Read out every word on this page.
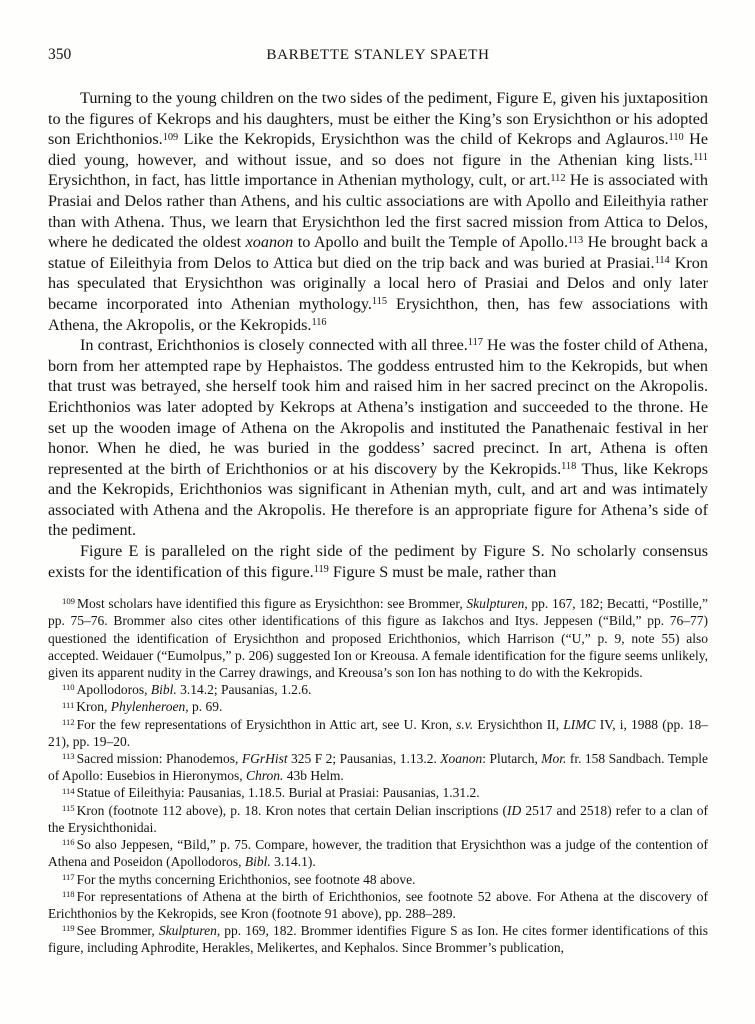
350	BARBETTE STANLEY SPAETH

Turning to the young children on the two sides of the pediment, Figure E, given his juxtaposition to the figures of Kekrops and his daughters, must be either the King’s son Erysichthon or his adopted son Erichthonios.$^{109}$ Like the Kekropids, Erysichthon was the child of Kekrops and Aglauros.$^{110}$ He died young, however, and without issue, and so does not figure in the Athenian king lists.$^{111}$ Erysichthon, in fact, has little importance in Athenian mythology, cult, or art.$^{112}$ He is associated with Prasiai and Delos rather than Athens, and his cultic associations are with Apollo and Eileithyia rather than with Athena. Thus, we learn that Erysichthon led the first sacred mission from Attica to Delos, where he dedicated the oldest xoanon to Apollo and built the Temple of Apollo.$^{113}$ He brought back a statue of Eileithyia from Delos to Attica but died on the trip back and was buried at Prasiai.$^{114}$ Kron has speculated that Erysichthon was originally a local hero of Prasiai and Delos and only later became incorporated into Athenian mythology.$^{115}$ Erysichthon, then, has few associations with Athena, the Akropolis, or the Kekropids.$^{116}$

In contrast, Erichthonios is closely connected with all three.$^{117}$ He was the foster child of Athena, born from her attempted rape by Hephaistos. The goddess entrusted him to the Kekropids, but when that trust was betrayed, she herself took him and raised him in her sacred precinct on the Akropolis. Erichthonios was later adopted by Kekrops at Athena’s instigation and succeeded to the throne. He set up the wooden image of Athena on the Akropolis and instituted the Panathenaic festival in her honor. When he died, he was buried in the goddess’ sacred precinct. In art, Athena is often represented at the birth of Erichthonios or at his discovery by the Kekropids.$^{118}$ Thus, like Kekrops and the Kekropids, Erichthonios was significant in Athenian myth, cult, and art and was intimately associated with Athena and the Akropolis. He therefore is an appropriate figure for Athena’s side of the pediment.

Figure E is paralleled on the right side of the pediment by Figure S. No scholarly consensus exists for the identification of this figure.$^{119}$ Figure S must be male, rather than

$^{109}$ Most scholars have identified this figure as Erysichthon: see Brommer, Skulpturen, pp. 167, 182; Becatti, “Postille,” pp. 75–76. Brommer also cites other identifications of this figure as Iakchos and Itys. Jeppesen (“Bild,” pp. 76–77) questioned the identification of Erysichthon and proposed Erichthonios, which Harrison (“U,” p. 9, note 55) also accepted. Weidauer (“Eumolpus,” p. 206) suggested Ion or Kreousa. A female identification for the figure seems unlikely, given its apparent nudity in the Carrey drawings, and Kreousa’s son Ion has nothing to do with the Kekropids.

$^{110}$ Apollodoros, Bibl. 3.14.2; Pausanias, 1.2.6.

$^{111}$ Kron, Phylenheroen, p. 69.

$^{112}$ For the few representations of Erysichthon in Attic art, see U. Kron, s.v. Erysichthon II, LIMC IV, i, 1988 (pp. 18–21), pp. 19–20.

$^{113}$ Sacred mission: Phanodemos, FGrHist 325 F 2; Pausanias, 1.13.2. Xoanon: Plutarch, Mor. fr. 158 Sandbach. Temple of Apollo: Eusebios in Hieronymos, Chron. 43b Helm.

$^{114}$ Statue of Eileithyia: Pausanias, 1.18.5. Burial at Prasiai: Pausanias, 1.31.2.

$^{115}$ Kron (footnote 112 above), p. 18. Kron notes that certain Delian inscriptions (ID 2517 and 2518) refer to a clan of the Erysichthonidai.

$^{116}$ So also Jeppesen, “Bild,” p. 75. Compare, however, the tradition that Erysichthon was a judge of the contention of Athena and Poseidon (Apollodoros, Bibl. 3.14.1).

$^{117}$ For the myths concerning Erichthonios, see footnote 48 above.

$^{118}$ For representations of Athena at the birth of Erichthonios, see footnote 52 above. For Athena at the discovery of Erichthonios by the Kekropids, see Kron (footnote 91 above), pp. 288–289.

$^{119}$ See Brommer, Skulpturen, pp. 169, 182. Brommer identifies Figure S as Ion. He cites former identifications of this figure, including Aphrodite, Herakles, Melikertes, and Kephalos. Since Brommer’s publication,
